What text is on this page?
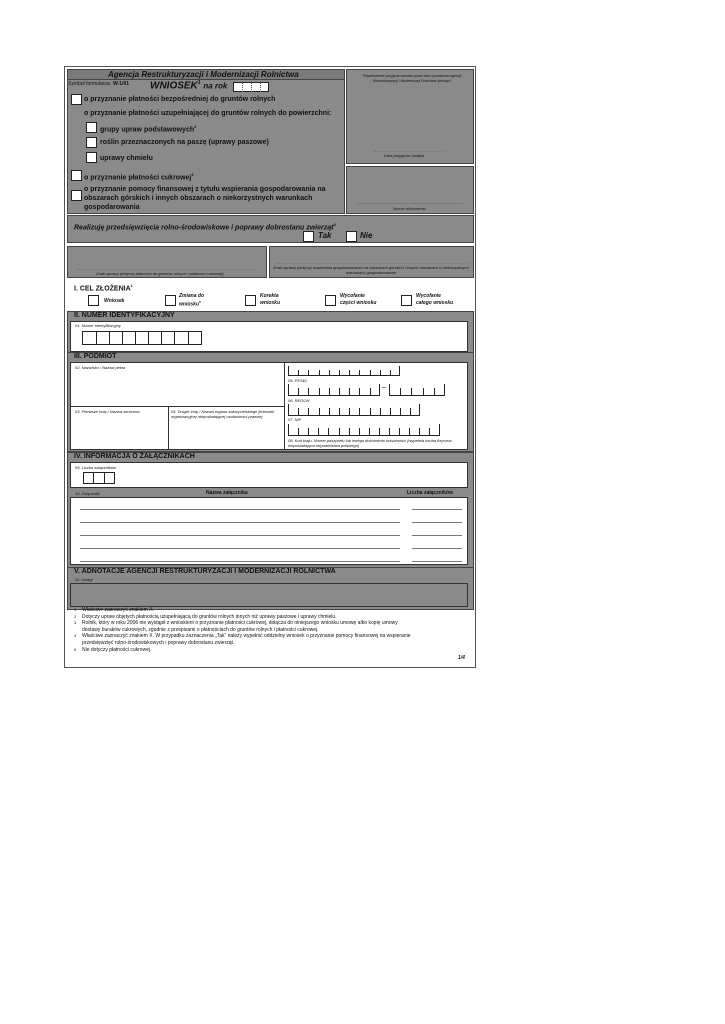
Agencja Restrukturyzacji i Modernizacji Rolnictwa
Symbol formularza: W-1/01 WNIOSEK$^1$ na rok
o przyznanie płatności bezpośredniej do gruntów rolnych
o przyznanie płatności uzupełniającej do gruntów rolnych do powierzchni:
grupy upraw podstawowych$^2$
roślin przeznaczonych na paszę (uprawy paszowe)
uprawy chmielu
o przyznanie płatności cukrowej$^3$
o przyznanie pomocy finansowej z tytułu wspierania gospodarowania na
obszarach górskich i innych obszarach o niekorzystnych warunkach
gospodarowania
Potwierdzenie przyjęcia wniosku przez biuro powiatowe Agencji Restrukturyzacji i Modernizacji Rolnictwa /pieczęć/
Data przyjęcia i podpis
Numer dokumentu
Realizuję przedsięwzięcia rolno-środowiskowe i poprawy dobrostanu zwierząt$^4$
Tak	Nie
Znak sprawy (dotyczy płatności do gruntów rolnych i płatności cukrowej)
Znak sprawy (dotyczy wspierania gospodarowania na obszarach górskich i innych obszarach o niekorzystnych warunkach gospodarowania
I. CEL ZŁOŻENIA$^1$
Wniosek
Zmiana do
wniosku$^5$
Korekta
wniosku
Wycofanie
części wniosku
Wycofanie
całego wniosku
II. NUMER IDENTYFIKACYJNY
01. Numer identyfikacyjny
III. PODMIOT
02. Nazwisko / Nazwa pełna
03. Pierwsze Imię / Nazwa skrócona	04. Drugie Imię / Nazwa organu założycielskiego jednostki organizacyjnej nieposiadającej osobowości prawnej
05. PESEL
–
06. REGON
07. NIP
08. Kod kraju, Numer paszportu lub innego dokumentu tożsamości (wypełnia osoba fizyczna nieposiadająca obywatelstwa polskiego)
IV. INFORMACJA O ZAŁĄCZNIKACH
09. Liczba załączników
10. Załączniki	Nazwa załącznika	Liczba załączników
V. ADNOTACJE AGENCJI RESTRUKTURYZACJI I MODERNIZACJI ROLNICTWA
11. Uwagi
1 Właściwe zaznaczyć znakiem X.
2 Dotyczy upraw objętych płatnością uzupełniającą do gruntów rolnych innych niż uprawy paszowe i uprawy chmielu.
3 Rolnik, który w roku 2006 nie wystąpił z wnioskiem o przyznanie płatności cukrowej, dołącza do niniejszego wniosku umowę albo kopię umowy
dostawy buraków cukrowych, zgodnie z przepisami o płatnościach do gruntów rolnych i płatności cukrowej.
4 Właściwe zaznaczyć znakiem X. W przypadku zaznaczenia „Tak” należy wypełnić oddzielny wniosek o przyznanie pomocy finansowej na wspieranie
przedsięwzięć rolno-środowiskowych i poprawy dobrostanu zwierząt.
5 Nie dotyczy płatności cukrowej.
1/4
